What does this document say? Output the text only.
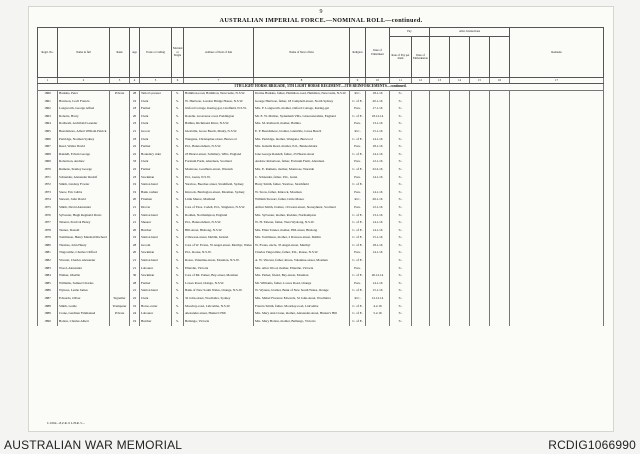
9
AUSTRALIAN IMPERIAL FORCE.—NOMINAL ROLL—continued.
Regtl. No.	Name in full	Rank	Age	Trade or Calling	Married or Single	Address of Next of Kin	Name of Next of Kin	Religion	Date of Enlistment	Pay		Allot. Instructions				Remarks
										Rate of Pay per diem	Date of Embarkation					
1	2	3	4	5	6	7	8	9	10	11	12	13	14	15	16	17
5TH LIGHT HORSE BRIGADE, 5TH LIGHT HORSE REGIMENT—5TH REINFORCEMENTS—continued.																
1860	Harkins, Peter	Private	28	Tailor's presser	S.	Hamilton-road, Hamilton, Newcastle, N.S.W.	Dorme Harkins, father, Hamilton-road, Hamilton, Newcastle, N.S.W.	R.C.	18.1.16	5/-						
1861	Harrison, Cecil Francis		19	Clerk	S.	W. Harrison, London Bridge House, N.S.W.	George Harrison, father, 18 Campbell-street, North Sydney	C. of E.	20.1.16	5/-						
1862	Longworth, George Alfred		18	Farmer	S.	Oxford Cottage, Kuring-gai, Lindfield, N.S.W.	Mrs. F. Longworth, mother, Oxford Cottage, Kuring-gai	Pres.	17.1.16	5/-						
1863	Roberts, Harry		20	Clerk	S.	Rozelle, Grosvenor-road, Paddington	Mr. E. W. Mallon, Sydenham Villa, Gloucestershire, England	C. of E.	18.12.14	5/-						
1864	Rothwell, Archibald Leander		23	Clerk	S.	Ballina, Richmond River, N.S.W.	Mrs. M. Rothwell, mother, Ballina	Pres.	13.1.16	5/-						
1865	Beardsmore, Albert William Patrick		21	Grocer	S.	Glenville, Grose Beach, Manly, N.S.W.	E. P. Beardsmore, brother, Glenville, Grose Beach	R.C.	15.1.16	5/-						
1866	Partridge, Norman Sydney		18	Clerk	S.	Wangana, Christopher-street, Burwood	Mrs. Partridge, mother, Wangana, Burwood	C. of E.	14.1.16	5/-						
1867	Reed, Walter David		22	Farmer	S.	P.O., Bannockburn, N.S.W.	Mrs. Isabella Reed, mother, P.O., Bannockburn	Pres.	18.1.16	5/-						
1868	Randell, Edwin George		22	Boundary rider	S.	23 Hearst-street, Salisbury, Wilts, England	Jane George Randell, father, 23 Hearst-street	C. of E.	14.1.16	5/-						
1869	Robertson, Andrew		33	Clerk	S.	Fortnum Farm, Aberdeen, Scotland	Andrew Robertson, father, Fortnum Farm, Aberdeen	Pres.	12.1.16	5/-						
1870	Rumens, Stanley George		22	Farmer	S.	Montrose, Goulburn-street, Waratah	Mrs. E. Rumens, mother, Montrose, Waratah	C. of E.	22.2.16	5/-						
1871	Schneider, Alexander Rudolf		23	Stockman	S.	P.O., Gunn, N.S.W.	C. Schneider, father, P.O., Gunn	Pres.	14.1.16	5/-						
1872	Smith, Lindsay Fowler		19	Station hand	S.	Yaraboo, Beecher-street, Strathfield, Sydney	Harry Smith, father, Yaraboo, Strathfield	C. of E.		5/-						
1873	Snow, Eric Gibbs		19	Bank cashier	S.	Kinrock, Barrington-street, Mosman, Sydney	W. Snow, father, Kinrock, Mosman	Pres.	14.1.16	5/-						
1874	Stewart, John David		20	Fireman	S.	Little Manor, Maitland	William Stewart, father, Little Manor	R.C.	26.1.16	5/-						
1875	Smith, David Alexander		21	Drover	S.	Care of Thos. Cadell, P.O., Singleton, N.S.W.	Arthur Smith, brother, 10 Grant-street, Stoneyhurst, Scotland	Pres.	12.1.16	5/-						
1876	Sylvester, Hugh Reginald Davis		21	Station hand	S.	Rodden, Northampton, England	Mrs. Sylvester, mother, Rodden, Northampton	C. of E.	13.1.16	5/-						
1877	Taberer, Percival Henry		21	Shearer	S.	P.O., Bannockburn, N.S.W.	W. H. Taberer, father, West Wyalong, N.S.W.	C. of E.	14.1.16	5/-						
1878	Tanner, Donald		20	Butcher	S.	Hill-street, Bishong, N.S.W.	Mrs. Ellen Tanner, mother, Hill-street, Bishong	C. of E.	14.1.16	5/-						
1879	Tomlinson, Henry Marshall Richard		19	Station hand	S.	2 Dawson-street, Dublin, Ireland	Mrs. Tomlinson, mother, 2 Dawson-street, Dublin	C. of E.	15.1.16	5/-						
1880	Thomas, John Henry		28	Groom	S.	Care of W. Evans, 35 Angel-street, Merthyr, Wales	W. Evans, uncle, 35 Angel-street, Merthyr	C. of E.	18.1.16	5/-						
1881	Tingcombe, Charles Clifford		20	Stockman	S.	P.O., Rouse, N.S.W.	Charles Tingcombe, father, P.O., Rouse, N.S.W.	Pres.	14.1.16	5/-						
1882	Vincent, Charles Alexander		21	Station hand	S.	Rossa, Valentine-street, Mosman, N.S.W.	A. W. Vincent, father, Rossa, Valentine-street, Mosman	C. of E.		5/-						
1883	Wood, Alexander		21	Labourer	S.	Ellerslie, Victoria	Mrs. Alice Wood, mother, Ellerslie, Victoria	Pres.		5/-						
1884	Walker, Oberlin		36	Stockman	S.	Care of Mr. Parker, Bay-street, Mosman	Mrs. Parker, friend, Bay-street, Mosman	C. of E.	20.12.14	5/-						
1885	Williams, Samuel Charles		28	Farmer	S.	Lowes Road, Orange, N.S.W.	Mr. Williams, father, Lowes Road, Orange	Pres.	14.1.16	5/-						
1886	Wyness, Leslie James		21	Station hand	S.	Bank of New South Wales, Orange, N.S.W.	W. Wyness, brother, Bank of New South Wales, Orange	C. of E.	15.1.16	5/-						
1887	Edwards, Oliver	Signaller	22	Clerk	S.	32 John-street, Woollahra, Sydney	Mrs. Mabel Florence Edwards, 32 John-street, Woollahra	R.C.	12.12.14	5/-						
1888	Smith, Lealie	Trumpeter	19	Horse-carter	S.	Moorhay-road, Lidcombe, N.S.W.	Francis Smith, father, Moorhay-road, Lidcombe	C. of E.	4.2.16	5/-						
1889	Crane, Gardiner Emmanuel	Private	24	Labourer	S.	Alexander-street, Hunter's Hill	Mrs. Mary Ann Crane, mother, Alexander-street, Hunter's Hill	C. of E.	5.2.16	5/-						
1890	Bolton, Charles Albert		19	Butcher	S.	Bellango, Victoria	Mrs. Mary Bolton, mother, Bellango, Victoria	C. of E.		5/-						
C.1062—8,Z.R. 6 L.H.R. 5—
AUSTRALIAN WAR MEMORIAL	RCDIG1066990
